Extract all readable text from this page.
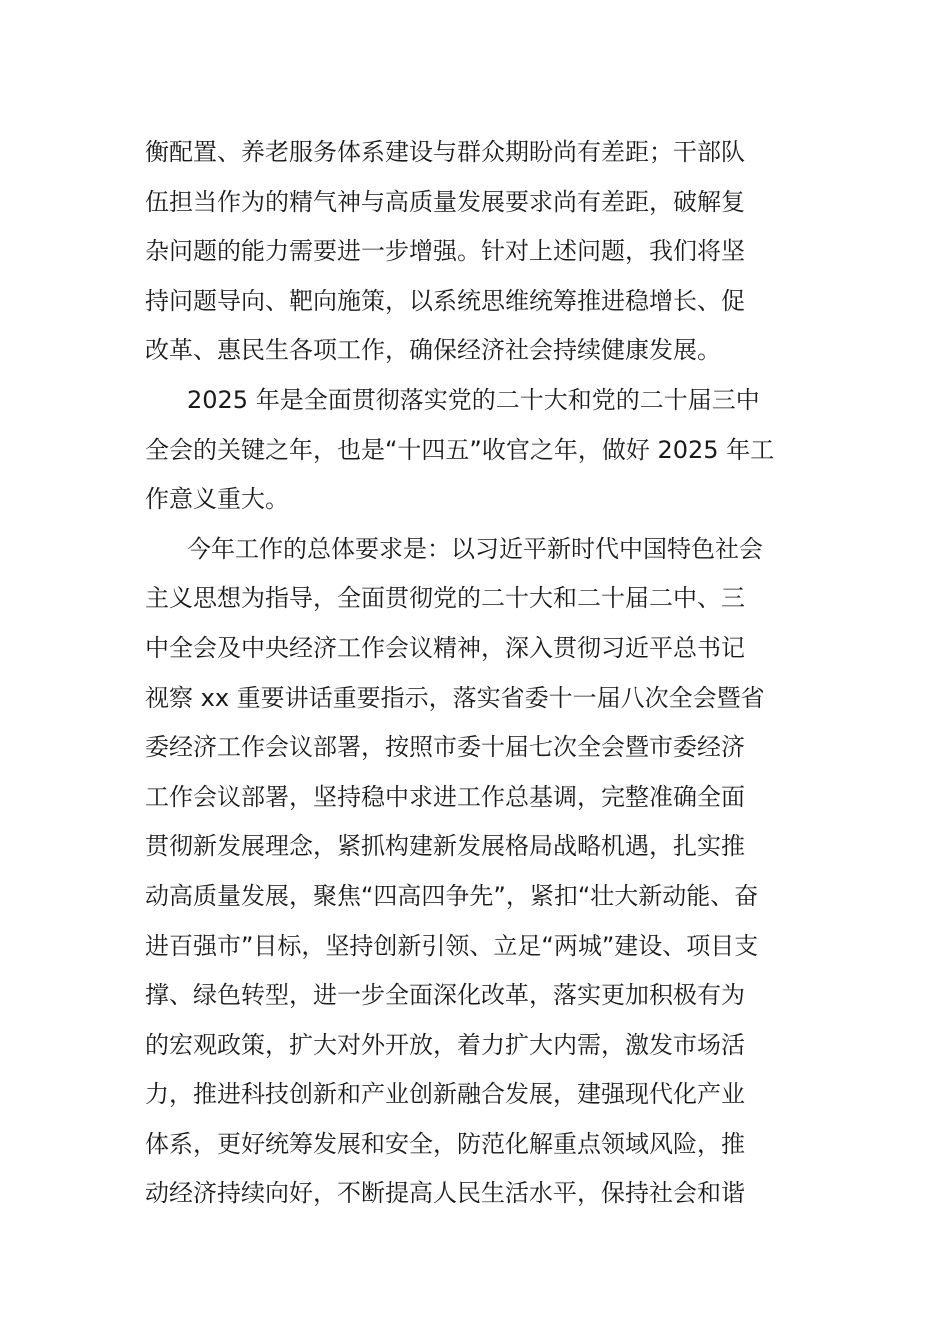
衡配置、养老服务体系建设与群众期盼尚有差距；干部队
伍担当作为的精气神与高质量发展要求尚有差距，破解复
杂问题的能力需要进一步增强。针对上述问题，我们将坚
持问题导向、靶向施策，以系统思维统筹推进稳增长、促
改革、惠民生各项工作，确保经济社会持续健康发展。
2025 年是全面贯彻落实党的二十大和党的二十届三中
全会的关键之年，也是“十四五”收官之年，做好 2025 年工
作意义重大。
今年工作的总体要求是：以习近平新时代中国特色社会
主义思想为指导，全面贯彻党的二十大和二十届二中、三
中全会及中央经济工作会议精神，深入贯彻习近平总书记
视察 xx 重要讲话重要指示，落实省委十一届八次全会暨省
委经济工作会议部署，按照市委十届七次全会暨市委经济
工作会议部署，坚持稳中求进工作总基调，完整准确全面
贯彻新发展理念，紧抓构建新发展格局战略机遇，扎实推
动高质量发展，聚焦“四高四争先”，紧扣“壮大新动能、奋
进百强市”目标，坚持创新引领、立足“两城”建设、项目支
撑、绿色转型，进一步全面深化改革，落实更加积极有为
的宏观政策，扩大对外开放，着力扩大内需，激发市场活
力，推进科技创新和产业创新融合发展，建强现代化产业
体系，更好统筹发展和安全，防范化解重点领域风险，推
动经济持续向好，不断提高人民生活水平，保持社会和谐
